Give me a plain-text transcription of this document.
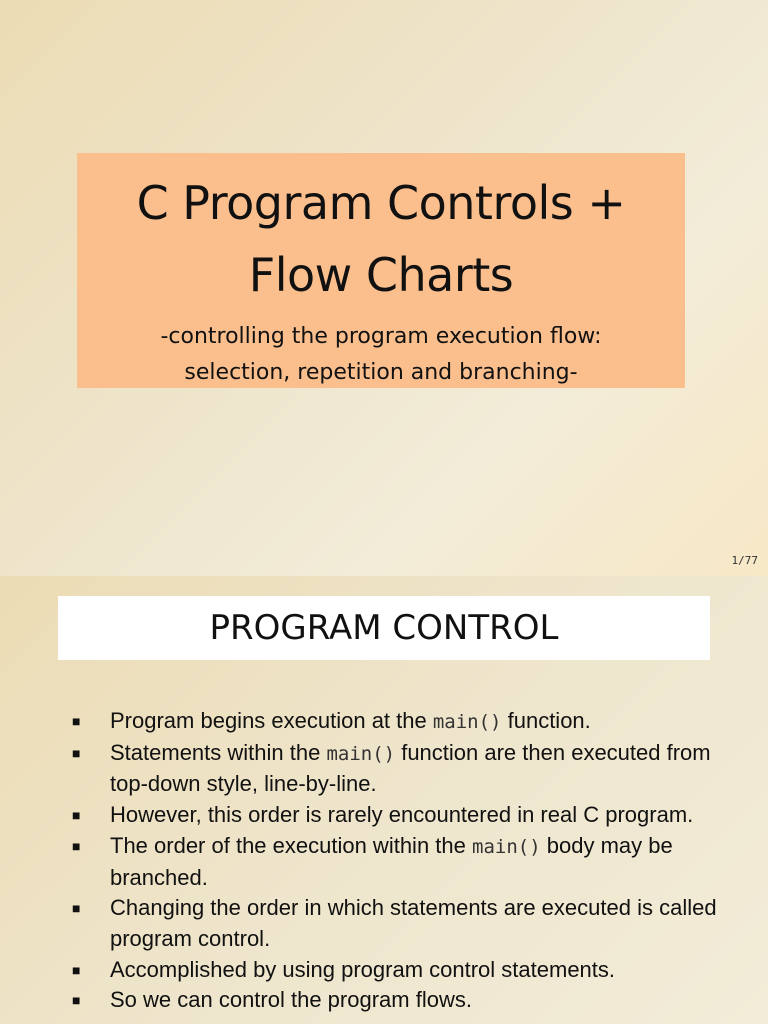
C Program Controls +
Flow Charts
-controlling the program execution flow:
selection, repetition and branching-
1/77
PROGRAM CONTROL
■ Program begins execution at the main() function.
■ Statements within the main() function are then executed from top-down style, line-by-line.
■ However, this order is rarely encountered in real C program.
■ The order of the execution within the main() body may be branched.
■ Changing the order in which statements are executed is called program control.
■ Accomplished by using program control statements.
■ So we can control the program flows.
